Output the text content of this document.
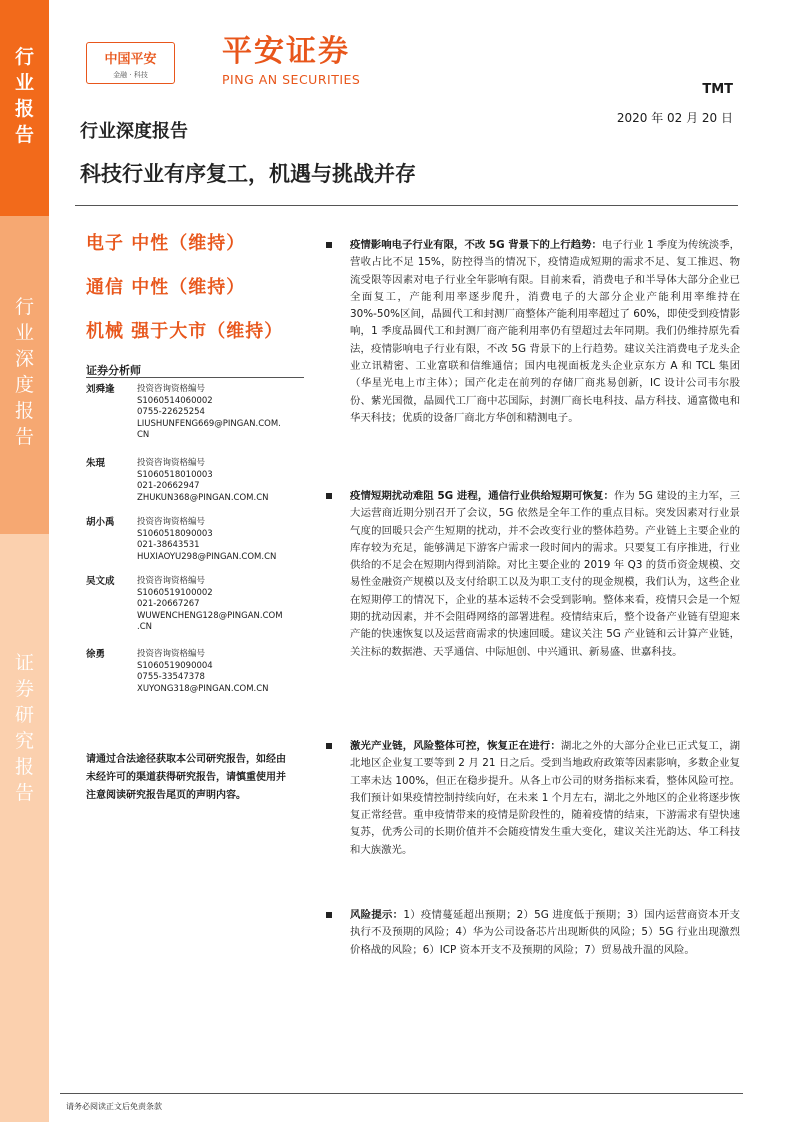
行
业
报
告
行
业
深
度
报
告
证
券
研
究
报
告
中国平安
金融 · 科技
平安证券
PING AN SECURITIES
TMT
2020 年 02 月 20 日
行业深度报告
科技行业有序复工，机遇与挑战并存
电子 中性（维持）
通信 中性（维持）
机械 强于大市（维持）
证券分析师
刘舜逢	投资咨询资格编号
S1060514060002
0755-22625254
LIUSHUNFENG669@PINGAN.COM.
CN
朱琨	投资咨询资格编号
S1060518010003
021-20662947
ZHUKUN368@PINGAN.COM.CN
胡小禹	投资咨询资格编号
S1060518090003
021-38643531
HUXIAOYU298@PINGAN.COM.CN
吴文成	投资咨询资格编号
S1060519100002
021-20667267
WUWENCHENG128@PINGAN.COM
.CN
徐勇	投资咨询资格编号
S1060519090004
0755-33547378
XUYONG318@PINGAN.COM.CN

请通过合法途径获取本公司研究报告，如经由未经许可的渠道获得研究报告，请慎重使用并注意阅读研究报告尾页的声明内容。

疫情影响电子行业有限，不改 5G 背景下的上行趋势：电子行业 1 季度为传统淡季，营收占比不足 15%，防控得当的情况下，疫情造成短期的需求不足、复工推迟、物流受限等因素对电子行业全年影响有限。目前来看，消费电子和半导体大部分企业已全面复工，产能利用率逐步爬升，消费电子的大部分企业产能利用率维持在 30%-50%区间，晶圆代工和封测厂商整体产能利用率超过了 60%，即使受到疫情影响，1 季度晶圆代工和封测厂商产能利用率仍有望超过去年同期。我们仍维持原先看法，疫情影响电子行业有限，不改 5G 背景下的上行趋势。建议关注消费电子龙头企业立讯精密、工业富联和信维通信；国内电视面板龙头企业京东方 A 和 TCL 集团（华星光电上市主体）；国产化走在前列的存储厂商兆易创新，IC 设计公司韦尔股份、紫光国微，晶圆代工厂商中芯国际，封测厂商长电科技、晶方科技、通富微电和华天科技；优质的设备厂商北方华创和精测电子。

疫情短期扰动难阻 5G 进程，通信行业供给短期可恢复：作为 5G 建设的主力军，三大运营商近期分别召开了会议，5G 依然是全年工作的重点目标。突发因素对行业景气度的回暖只会产生短期的扰动，并不会改变行业的整体趋势。产业链上主要企业的库存较为充足，能够满足下游客户需求一段时间内的需求。只要复工有序推进，行业供给的不足会在短期内得到消除。对比主要企业的 2019 年 Q3 的货币资金规模、交易性金融资产规模以及支付给职工以及为职工支付的现金规模，我们认为，这些企业在短期停工的情况下，企业的基本运转不会受到影响。整体来看，疫情只会是一个短期的扰动因素，并不会阻碍网络的部署进程。疫情结束后，整个设备产业链有望迎来产能的快速恢复以及运营商需求的快速回暖。建议关注 5G 产业链和云计算产业链，关注标的数据港、天孚通信、中际旭创、中兴通讯、新易盛、世嘉科技。

激光产业链，风险整体可控，恢复正在进行：湖北之外的大部分企业已正式复工，湖北地区企业复工要等到 2 月 21 日之后。受到当地政府政策等因素影响，多数企业复工率未达 100%，但正在稳步提升。从各上市公司的财务指标来看，整体风险可控。我们预计如果疫情控制持续向好，在未来 1 个月左右，湖北之外地区的企业将逐步恢复正常经营。重申疫情带来的疫情是阶段性的，随着疫情的结束，下游需求有望快速复苏，优秀公司的长期价值并不会随疫情发生重大变化，建议关注光韵达、华工科技和大族激光。

风险提示：1）疫情蔓延超出预期；2）5G 进度低于预期；3）国内运营商资本开支执行不及预期的风险；4）华为公司设备芯片出现断供的风险；5）5G 行业出现激烈价格战的风险；6）ICP 资本开支不及预期的风险；7）贸易战升温的风险。

请务必阅读正文后免责条款
